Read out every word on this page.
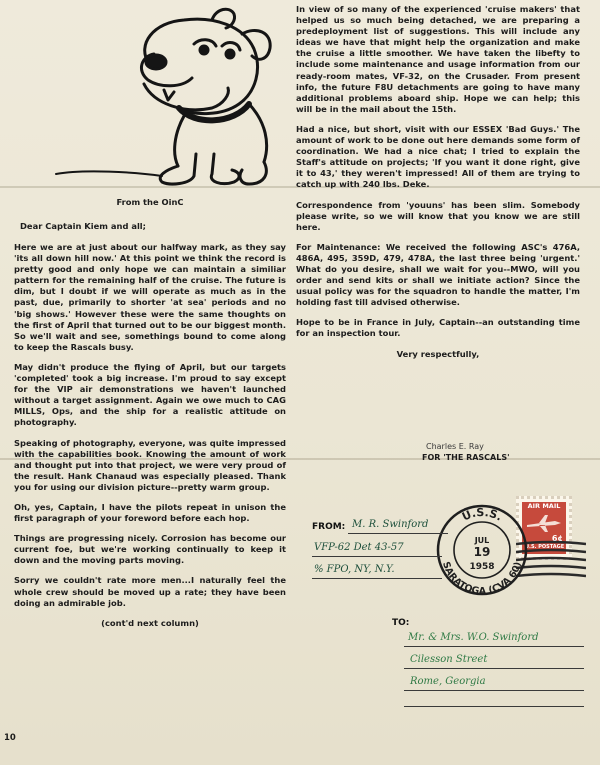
From the OinC
Dear Captain Kiem and all;

Here we are at just about our halfway mark, as they say 'its all down hill now.' At this point we think the record is pretty good and only hope we can maintain a similiar pattern for the remaining half of the cruise. The future is dim, but I doubt if we will operate as much as in the past, due, primarily to shorter 'at sea' periods and no 'big shows.' However these were the same thoughts on the first of April that turned out to be our biggest month. So we'll wait and see, somethings bound to come along to keep the Rascals busy.

May didn't produce the flying of April, but our targets 'completed' took a big increase. I'm proud to say except for the VIP air demonstrations we haven't launched without a target assignment. Again we owe much to CAG MILLS, Ops, and the ship for a realistic attitude on photography.

Speaking of photography, everyone, was quite impressed with the capabilities book. Knowing the amount of work and thought put into that project, we were very proud of the result. Hank Chanaud was especially pleased. Thank you for using our division picture--pretty warm group.

Oh, yes, Captain, I have the pilots repeat in unison the first paragraph of your foreword before each hop.

Things are progressing nicely. Corrosion has become our current foe, but we're working continually to keep it down and the moving parts moving.

Sorry we couldn't rate more men...I naturally feel the whole crew should be moved up a rate; they have been doing an admirable job.

(cont'd next column)

In view of so many of the experienced 'cruise makers' that helped us so much being detached, we are preparing a predeployment list of suggestions. This will include any ideas we have that might help the organization and make the cruise a little smoother. We have taken the libefty to include some maintenance and usage information from our ready-room mates, VF-32, on the Crusader. From present info, the future F8U detachments are going to have many additional problems aboard ship. Hope we can help; this will be in the mail about the 15th.

Had a nice, but short, visit with our ESSEX 'Bad Guys.' The amount of work to be done out here demands some form of coordination. We had a nice chat; I tried to explain the Staff's attitude on projects; 'If you want it done right, give it to 43,' they weren't impressed! All of them are trying to catch up with 240 lbs. Deke.

Correspondence from 'youuns' has been slim. Somebody please write, so we will know that you know we are still here.

For Maintenance: We received the following ASC's 476A, 486A, 495, 359D, 479, 478A, the last three being 'urgent.' What do you desire, shall we wait for you--MWO, will you order and send kits or shall we initiate action? Since the usual policy was for the squadron to handle the matter, I'm holding fast till advised otherwise.

Hope to be in France in July, Captain--an outstanding time for an inspection tour.

Very respectfully,
Charles E. Ray
FOR 'THE RASCALS'
AIR MAIL
6¢
U.S. POSTAGE
U.S.S.
SARATOGA (CVA 60)
JUL
19
1958
FROM: M. R. Swinford
VFP-62 Det 43-57
% FPO, NY, N.Y.
TO:
Mr. & Mrs. W.O. Swinford
Cilesson Street
Rome, Georgia
10
